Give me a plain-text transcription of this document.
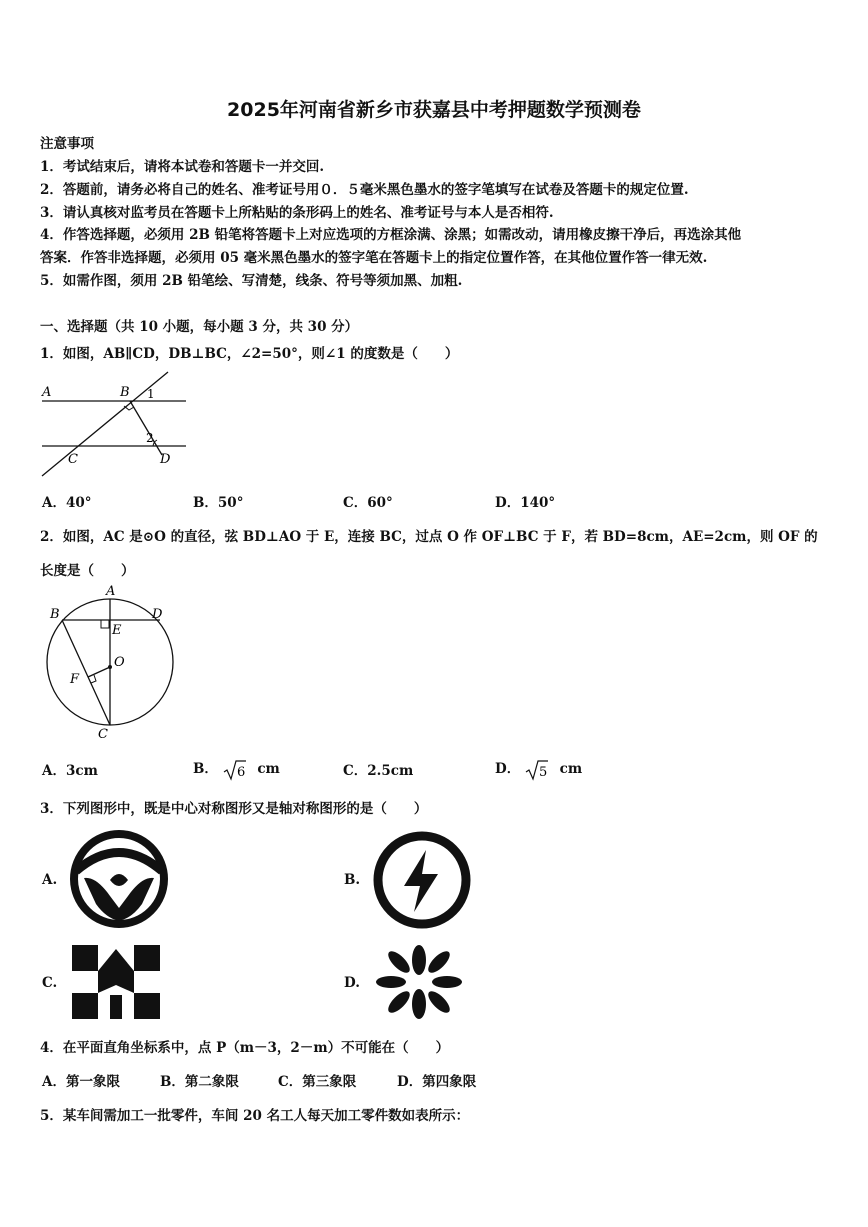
2025年河南省新乡市获嘉县中考押题数学预测卷
注意事项
1．考试结束后，请将本试卷和答题卡一并交回.
2．答题前，请务必将自己的姓名、准考证号用０．５毫米黑色墨水的签字笔填写在试卷及答题卡的规定位置.
3．请认真核对监考员在答题卡上所粘贴的条形码上的姓名、准考证号与本人是否相符.
4．作答选择题，必须用 2B 铅笔将答题卡上对应选项的方框涂满、涂黑；如需改动，请用橡皮擦干净后，再选涂其他
答案．作答非选择题，必须用 05 毫米黑色墨水的签字笔在答题卡上的指定位置作答，在其他位置作答一律无效.
5．如需作图，须用 2B 铅笔绘、写清楚，线条、符号等须加黑、加粗.
一、选择题（共 10 小题，每小题 3 分，共 30 分）
1．如图，AB∥CD，DB⊥BC，∠2=50°，则∠1 的度数是（　　）
A	B
C	D
1
2
A．40°	B．50°	C．60°	D．140°
2．如图，AC 是⊙O 的直径，弦 BD⊥AO 于 E，连接 BC，过点 O 作 OF⊥BC 于 F，若 BD=8cm，AE=2cm，则 OF 的
长度是（　　）
A
B	D
E
O
F
C
A．3cm	B． 6 cm	C．2.5cm	D． 5 cm
3．下列图形中，既是中心对称图形又是轴对称图形的是（　　）
A.	B.
C.	D.
4．在平面直角坐标系中，点 P（m－3，2－m）不可能在（　　）
A．第一象限	B．第二象限	C．第三象限	D．第四象限
5．某车间需加工一批零件，车间 20 名工人每天加工零件数如表所示：
